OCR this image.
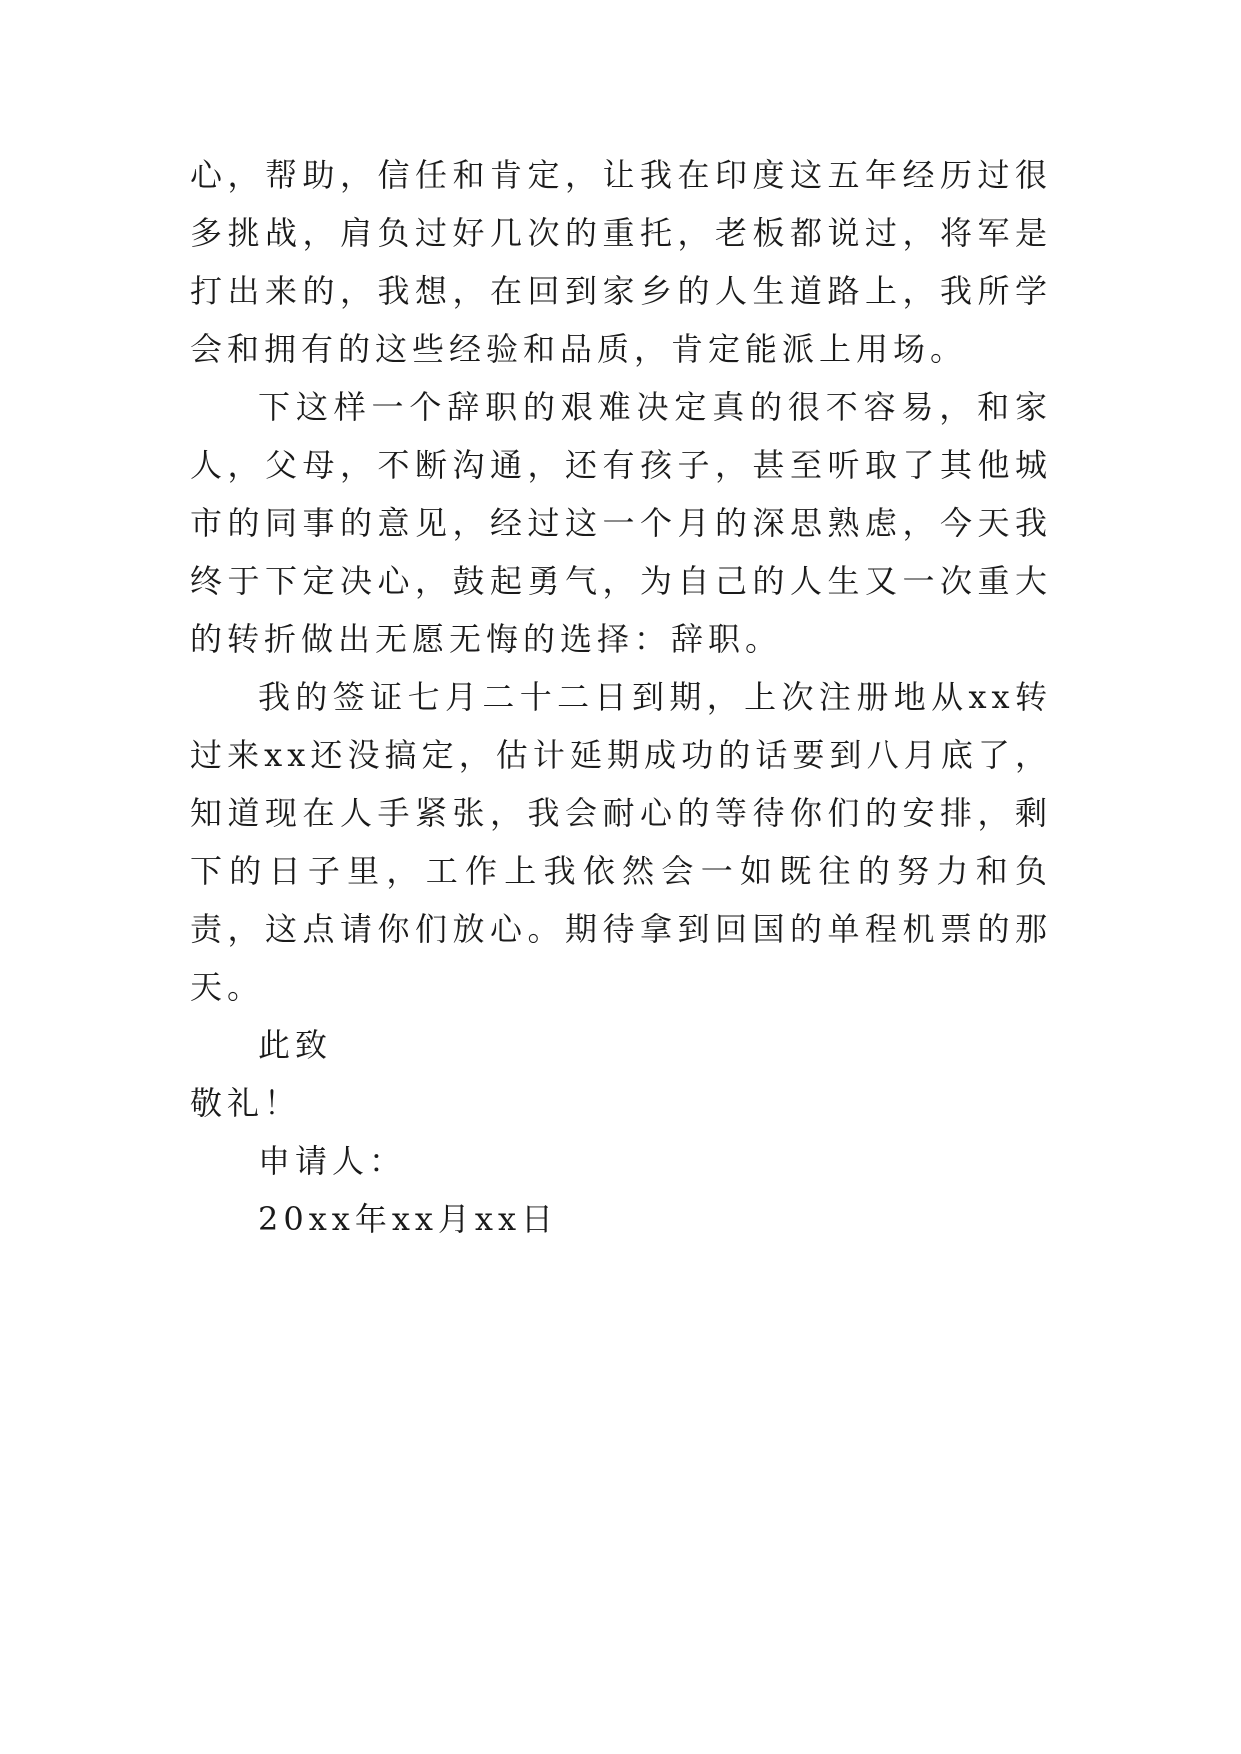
心，帮助，信任和肯定，让我在印度这五年经历过很多挑战，肩负过好几次的重托，老板都说过，将军是打出来的，我想，在回到家乡的人生道路上，我所学会和拥有的这些经验和品质，肯定能派上用场。

下这样一个辞职的艰难决定真的很不容易，和家人，父母，不断沟通，还有孩子，甚至听取了其他城市的同事的意见，经过这一个月的深思熟虑，今天我终于下定决心，鼓起勇气，为自己的人生又一次重大的转折做出无愿无悔的选择：辞职。

我的签证七月二十二日到期，上次注册地从xx转过来xx还没搞定，估计延期成功的话要到八月底了，知道现在人手紧张，我会耐心的等待你们的安排，剩下的日子里，工作上我依然会一如既往的努力和负责，这点请你们放心。期待拿到回国的单程机票的那天。

此致
敬礼！
申请人：
20xx年xx月xx日
